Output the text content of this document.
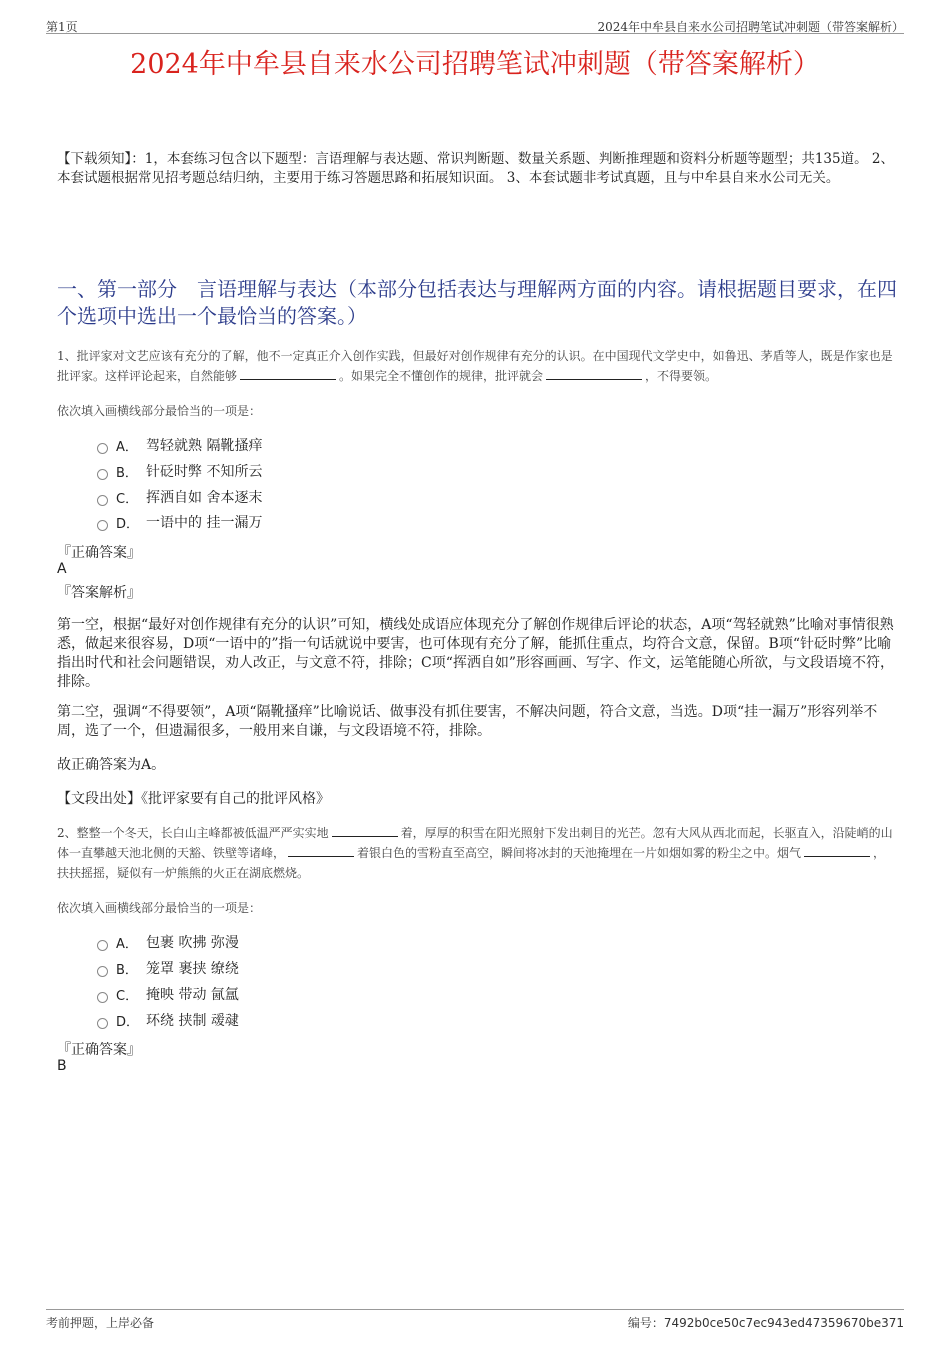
第1页	2024年中牟县自来水公司招聘笔试冲刺题（带答案解析）
2024年中牟县自来水公司招聘笔试冲刺题（带答案解析）
【下载须知】：1，本套练习包含以下题型：言语理解与表达题、常识判断题、数量关系题、判断推理题和资料分析题等题型；共135道。 2、本套试题根据常见招考题总结归纳，主要用于练习答题思路和拓展知识面。 3、本套试题非考试真题，且与中牟县自来水公司无关。
一、第一部分　言语理解与表达（本部分包括表达与理解两方面的内容。请根据题目要求，在四个选项中选出一个最恰当的答案。）
1、批评家对文艺应该有充分的了解，他不一定真正介入创作实践，但最好对创作规律有充分的认识。在中国现代文学史中，如鲁迅、茅盾等人，既是作家也是批评家。这样评论起来，自然能够	。如果完全不懂创作的规律，批评就会	，不得要领。
依次填入画横线部分最恰当的一项是：
A． 驾轻就熟 隔靴搔痒
B． 针砭时弊 不知所云
C． 挥洒自如 舍本逐末
D． 一语中的 挂一漏万
『正确答案』
A
『答案解析』
第一空，根据“最好对创作规律有充分的认识”可知，横线处成语应体现充分了解创作规律后评论的状态，A项“驾轻就熟”比喻对事情很熟悉，做起来很容易，D项“一语中的”指一句话就说中要害，也可体现有充分了解，能抓住重点，均符合文意，保留。B项“针砭时弊”比喻指出时代和社会问题错误，劝人改正，与文意不符，排除；C项“挥洒自如”形容画画、写字、作文，运笔能随心所欲，与文段语境不符，排除。
第二空，强调“不得要领”，A项“隔靴搔痒”比喻说话、做事没有抓住要害，不解决问题，符合文意，当选。D项“挂一漏万”形容列举不周，选了一个，但遗漏很多，一般用来自谦，与文段语境不符，排除。
故正确答案为A。
【文段出处】《批评家要有自己的批评风格》
2、整整一个冬天，长白山主峰都被低温严严实实地	着，厚厚的积雪在阳光照射下发出刺目的光芒。忽有大风从西北而起，长驱直入，沿陡峭的山体一直攀越天池北侧的天豁、铁壁等诸峰，	着银白色的雪粉直至高空，瞬间将冰封的天池掩埋在一片如烟如雾的粉尘之中。烟气	，扶扶摇摇，疑似有一炉熊熊的火正在湖底燃烧。
依次填入画横线部分最恰当的一项是：
A． 包裹 吹拂 弥漫
B． 笼罩 裹挟 缭绕
C． 掩映 带动 氤氲
D． 环绕 挟制 叆叇
『正确答案』
B
考前押题，上岸必备	编号：7492b0ce50c7ec943ed47359670be371
